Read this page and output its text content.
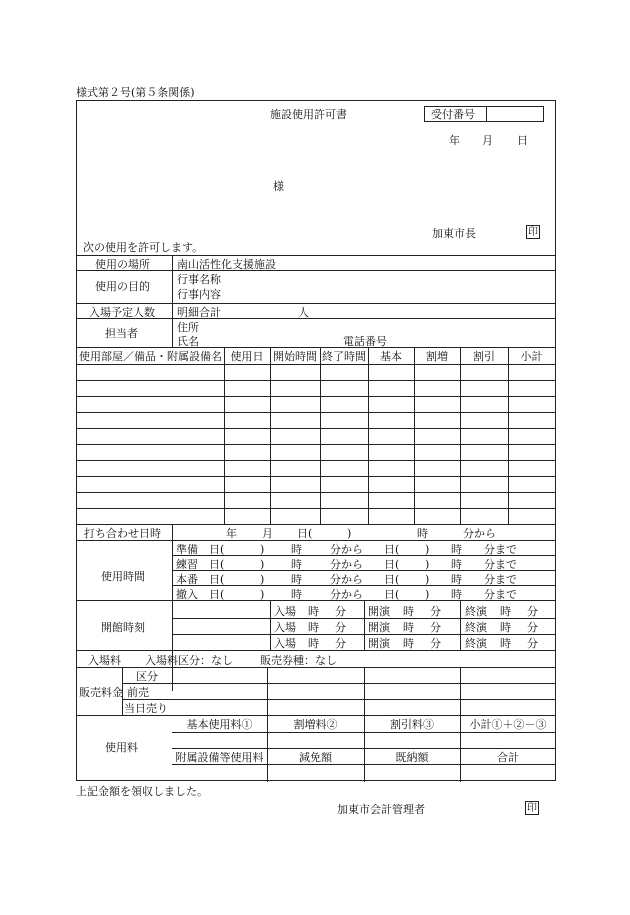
様式第２号(第５条関係)
施設使用許可書	受付番号
年 月 日
様
加東市長	印
次の使用を許可します。
使用の場所 南山活性化支援施設
使用の目的
行事名称
行事内容
入場予定人数 明細合計	人
担当者	住所
氏名	電話番号
使用部屋／備品・附属設備名 使用日 開始時間 終了時間	基本	割増	割引	小計
打ち合わせ日時	年 月 日(	)	時	分から
使用時間
準備 日(	) 時	分から 日( ) 時 分まで
練習 日(	) 時	分から 日( ) 時 分まで
本番 日(	) 時	分から 日( ) 時 分まで
撤入 日(	) 時	分から 日( ) 時 分まで
開館時刻
入場 時 分 開演 時 分 終演 時 分
入場 時 分 開演 時 分 終演 時 分
入場 時 分 開演 時 分 終演 時 分
入場料 入場料区分：なし 販売券種：なし
販売料金
区分
前売
当日売り
使用料
基本使用料①	割増料②	割引料③	小計①＋②－③
附属設備等使用料	減免額	既納額	合計
上記金額を領収しました。
加東市会計管理者	印
